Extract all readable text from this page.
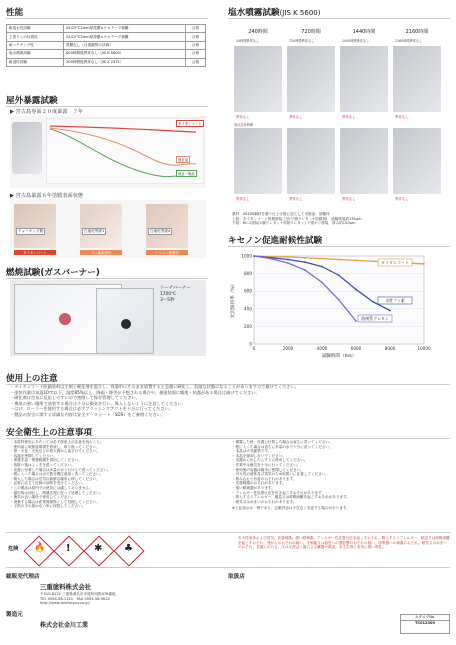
性能
耐塩水性試験	25/25℃2mm厚塗膜×セロテープ剥離	合格
上塗りとの付着性	25/25℃2mm厚塗膜×セロテープ剥離	合格
耐ハクチング性	塗膜なし（目視観察の評価）	合格
塩水噴霧試験	600時間後異常なし（JIS K 5600）	合格
耐湿性試験	300時間後異常なし（JIS Z 2371）	合格
屋外暴露試験
▶ 宮古島専面２０度暴露　７年
タイタンコート
他社品
他社一般品
▶ 宮古島暴露６年塗膜表面状態
チョーキング無	白亜化等級1	白亜化等級4
タイタンコート	フッ素系塗料	シリコン系塗料
燃焼試験(ガスバーナー)
トーチバーナー
1700℃
3〜5秒
塩水噴霧試験(JIS K 5600)
240時間	720時間	1440時間	2160時間
24時間異常なし	720時間異常なし	1440時間異常なし	2160時間異常なし
異常なし	異常なし	異常なし	異常なし
他社品各時間
異常なし	異常なし	異常なし	異常なし
基材：SS400鋼材を磨り仕上げ後に加工して市販品、試験体
上段：タイタンコート防錆塗装工法(ワ錆ウレタン+防錆剤)　試験塗装約135μm
下段：RC-1塗装(1層ウレタン+市販ウレタン) 下塗ポリ塗装　厚み約120μm
キセノン促進耐候性試験
0
200
400
600
800
1000
0	2000	4000	6000	8000	10000
試験時間（hrs）
光沢保持率（%）
タイタンコート
水性フッ素
溶剤系ウレタン
使用上の注意
・タイタンコート防錆塗料は主剤と硬化剤を混合し、容器中にそのまま放置すると急激に硬化し、危険な状態になることがありますので避けてください。
・塗装作業は気温10℃以下、湿度85%以上、降雨・降雪が予想される場合や、被塗装面に塵埃・結露がある場合は避けてください。
・硬化剤は空気に反応しやすいので密閉して保存管理してください。
・換気の悪い場所で塗装する場合は十分に換気を行い、吸入しないように注意してください。
・はけ、ローラーを使用する場合は必ずブラッシングアウトを十分に行ってください。
・製品の安全に関する詳細な内容は安全データシート（SDS）をご参照ください。
安全衛生上の注意事項
・本塗料使用にあたっては必ず使用上の注意を読むこと。
・使用前に取扱説明書を熟読し、取り扱ってください。
・熱・火花・火炎などの着火源から遠ざけてください。
・容器を密閉してください。
・保護手袋・保護眼鏡を着用してください。
・取扱い後はよく手を洗ってください。
・皮膚に付着した場合は多量の水と石けんで洗ってください。
・眼に入った場合は水で数分間注意深く洗ってください。
・吸入した場合は空気の新鮮な場所に移してください。
・必要に応じて医師の診断を受けてください。
・この製品は屋内での使用には適しておりません。
・漏出物は回収し、関連法規に従って処理してください。
・換気の良い場所で使用してください。
・廃棄する場合は産業廃棄物として処理してください。
・子供の手の届かない所に保管してください。
・暴露した時、皮膚に付着した場合は直ちに洗ってください。
・眼に入った場合は直ちに多量の水で十分に洗ってください。
・本品は火気厳禁です。
・本品を焼却しないでください。
・容器から出したらすぐに使用してください。
・作業中は換気を十分に行ってください。
・使用後の容器は確実に密閉してください。
・引火性の液体及び蒸気のため取扱いに注意してください。
・飲み込むと有害のおそれがあります。
・皮膚刺激のおそれがあります。
・強い眼刺激があります。
・アレルギー性皮膚反応を引き起こすおそれがあります。
・吸入するとアレルギー、喘息又は呼吸困難を起こすおそれがあります。
・眠気又はめまいのおそれがあります。
※上記表示は一例であり、記載内容は予告なく変更する場合があります。
危険 🔥 ! ✱ ♣
引火性液体および蒸気。皮膚刺激。強い眼刺激。アレルギー性皮膚反応を起こすおそれ。吸入するとアレルギー、喘息又は呼吸困難を起こすおそれ。発がんのおそれの疑い。生殖能又は胎児への悪影響のおそれの疑い。呼吸器への刺激のおそれ。眠気又はめまいのおそれ。長期にわたる、又は反復ばく露による臓器の障害。水生生物に非常に強い毒性。
総販売代理店	取扱店
三重塗料株式会社
〒510-8122 三重県桑名市多度町西野478番地
TEL 0594-58-1311　FAX 0594-58-9022
http://www.mietoryou.co.jp/
製造元
株式会社金川工業
カタログNo.
TC012309
